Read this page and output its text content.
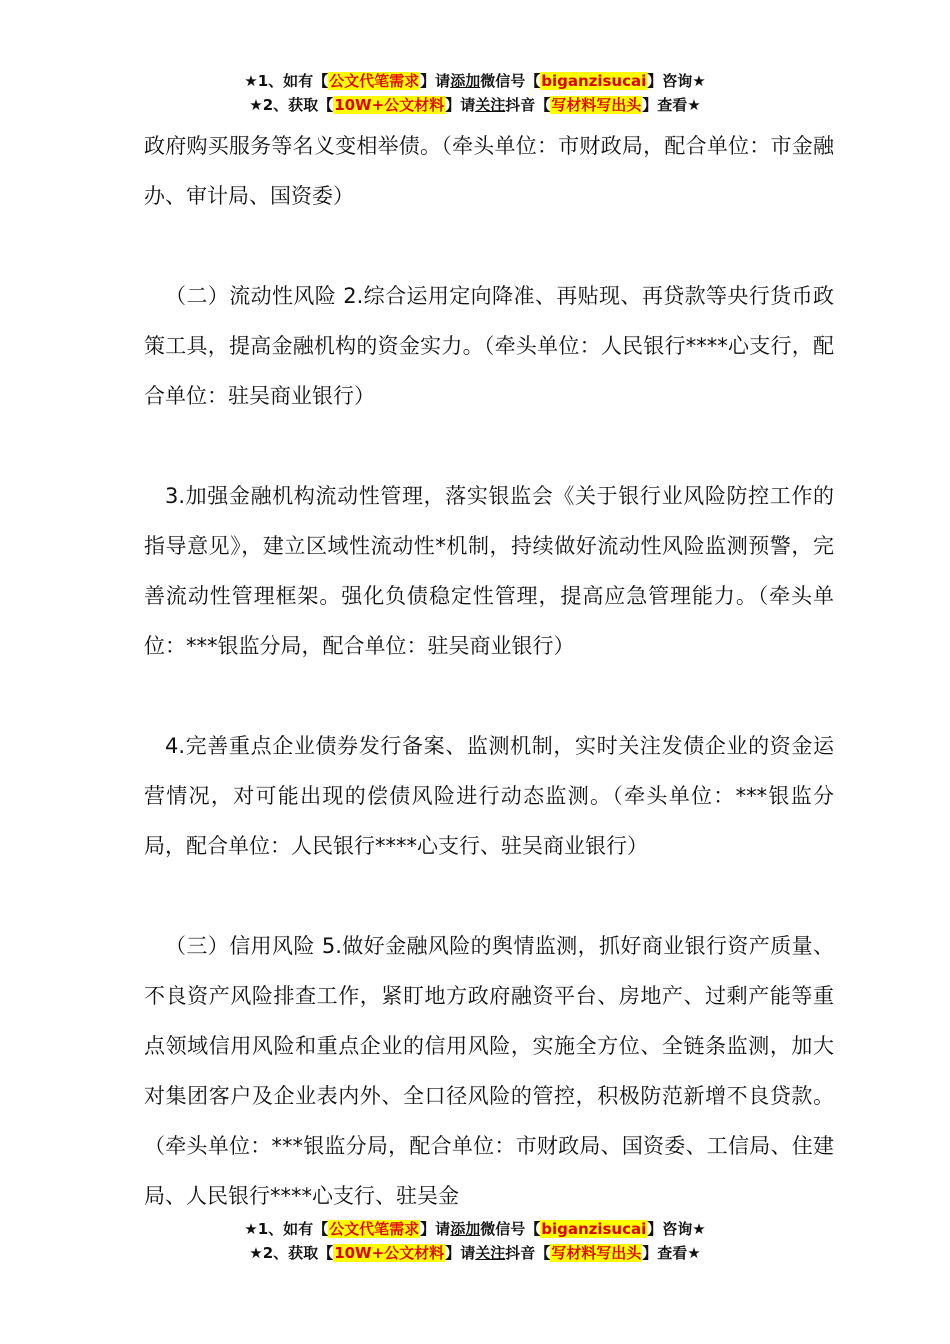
★1、如有【公文代笔需求】请添加微信号【biganzisucai】咨询★
★2、获取【10W+公文材料】请关注抖音【写材料写出头】查看★

政府购买服务等名义变相举债。（牵头单位：市财政局，配合单位：市金融办、审计局、国资委）

（二）流动性风险 2.综合运用定向降准、再贴现、再贷款等央行货币政策工具，提高金融机构的资金实力。（牵头单位：人民银行****心支行，配合单位：驻吴商业银行）

3.加强金融机构流动性管理，落实银监会《关于银行业风险防控工作的指导意见》，建立区域性流动性*机制，持续做好流动性风险监测预警，完善流动性管理框架。强化负债稳定性管理，提高应急管理能力。（牵头单位：***银监分局，配合单位：驻吴商业银行）

4.完善重点企业债券发行备案、监测机制，实时关注发债企业的资金运营情况，对可能出现的偿债风险进行动态监测。（牵头单位：***银监分局，配合单位：人民银行****心支行、驻吴商业银行）

（三）信用风险 5.做好金融风险的舆情监测，抓好商业银行资产质量、不良资产风险排查工作，紧盯地方政府融资平台、房地产、过剩产能等重点领域信用风险和重点企业的信用风险，实施全方位、全链条监测，加大对集团客户及企业表内外、全口径风险的管控，积极防范新增不良贷款。（牵头单位：***银监分局，配合单位：市财政局、国资委、工信局、住建局、人民银行****心支行、驻吴金

★1、如有【公文代笔需求】请添加微信号【biganzisucai】咨询★
★2、获取【10W+公文材料】请关注抖音【写材料写出头】查看★
